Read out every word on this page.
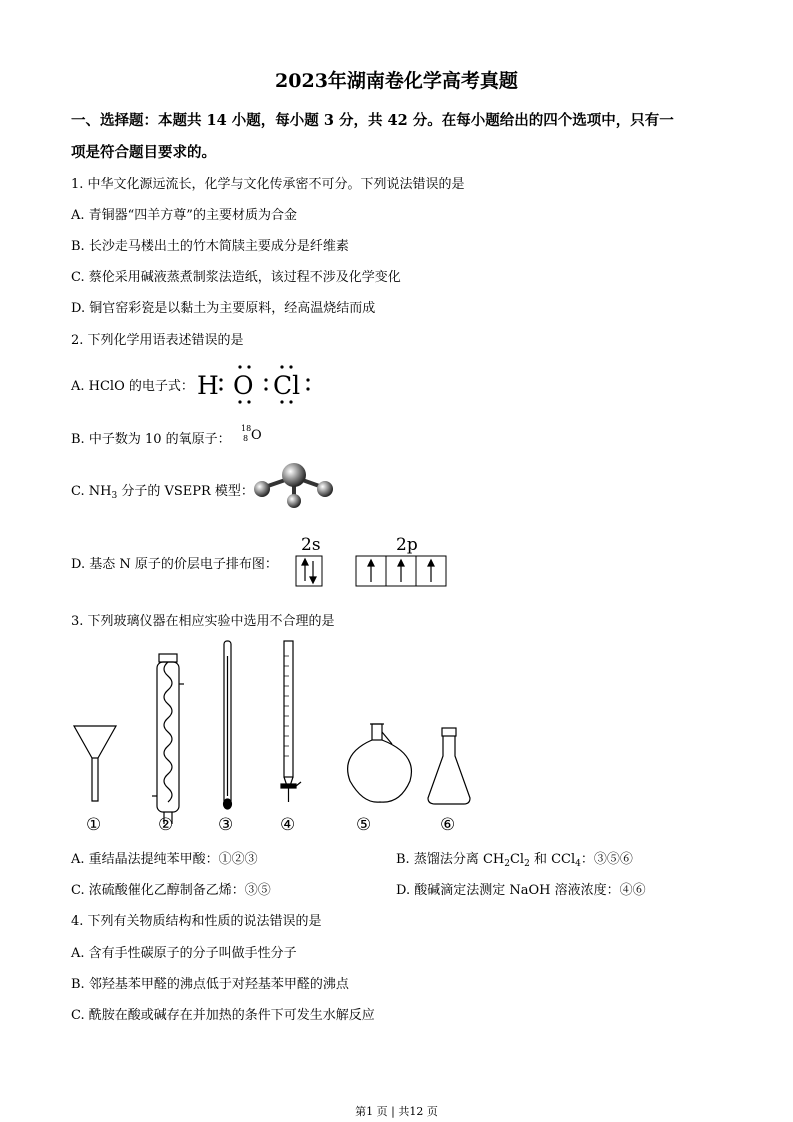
2023年湖南卷化学高考真题
一、选择题：本题共 14 小题，每小题 3 分，共 42 分。在每小题给出的四个选项中，只有一
项是符合题目要求的。
1. 中华文化源远流长，化学与文化传承密不可分。下列说法错误的是
A. 青铜器“四羊方尊”的主要材质为合金
B. 长沙走马楼出土的竹木简牍主要成分是纤维素
C. 蔡伦采用碱液蒸煮制浆法造纸，该过程不涉及化学变化
D. 铜官窑彩瓷是以黏土为主要原料，经高温烧结而成
2. 下列化学用语表述错误的是
A. HClO 的电子式： H O Cl
B. 中子数为 10 的氧原子：
18
8 O
C. $NH_3$ 分子的 VSEPR 模型：
D. 基态 N 原子的价层电子排布图：
2s	2p
3. 下列玻璃仪器在相应实验中选用不合理的是
①	②	③	④	⑤	⑥
A. 重结晶法提纯苯甲酸：①②③	B. 蒸馏法分离 $CH_2Cl_2$ 和 CCl$_4$：③⑤⑥
C. 浓硫酸催化乙醇制备乙烯：③⑤	D. 酸碱滴定法测定 NaOH 溶液浓度：④⑥
4. 下列有关物质结构和性质的说法错误的是
A. 含有手性碳原子的分子叫做手性分子
B. 邻羟基苯甲醛的沸点低于对羟基苯甲醛的沸点
C. 酰胺在酸或碱存在并加热的条件下可发生水解反应
第1 页 | 共12 页
